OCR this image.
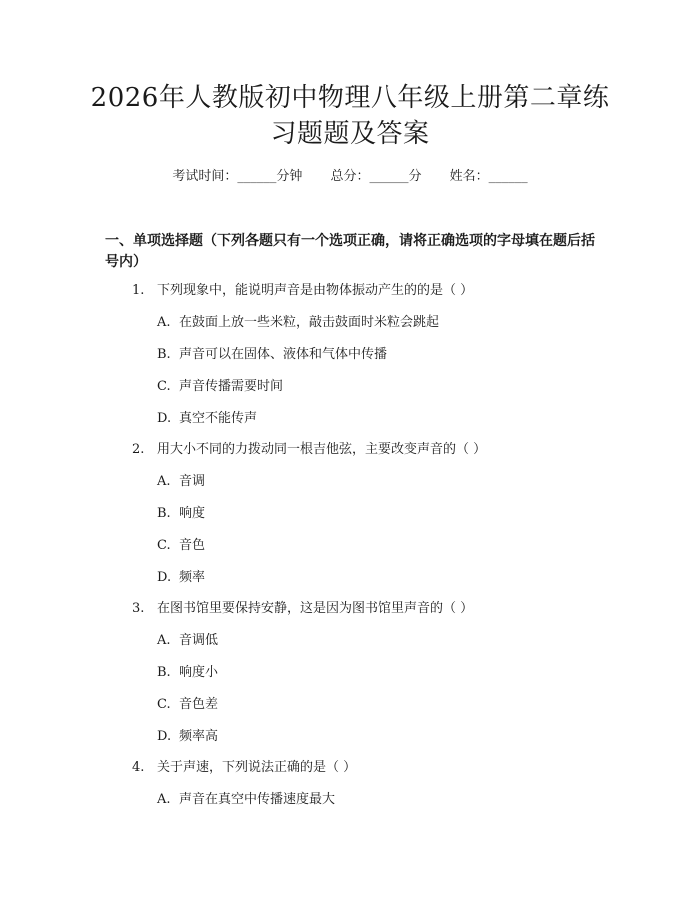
2026年人教版初中物理八年级上册第二章练
习题题及答案
考试时间：______分钟 总分：______分 姓名：______
一、单项选择题（下列各题只有一个选项正确，请将正确选项的字母填在题后括
号内）
1. 下列现象中，能说明声音是由物体振动产生的的是（ ）
A. 在鼓面上放一些米粒，敲击鼓面时米粒会跳起
B. 声音可以在固体、液体和气体中传播
C. 声音传播需要时间
D. 真空不能传声
2. 用大小不同的力拨动同一根吉他弦，主要改变声音的（ ）
A. 音调
B. 响度
C. 音色
D. 频率
3. 在图书馆里要保持安静，这是因为图书馆里声音的（ ）
A. 音调低
B. 响度小
C. 音色差
D. 频率高
4. 关于声速，下列说法正确的是（ ）
A. 声音在真空中传播速度最大
